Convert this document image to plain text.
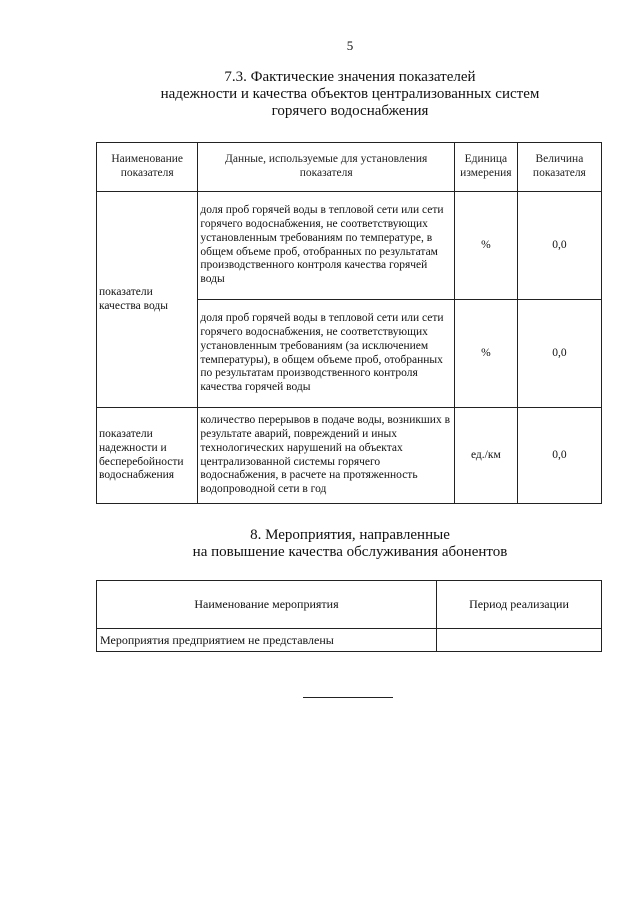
5
7.3. Фактические значения показателей
надежности и качества объектов централизованных систем
горячего водоснабжения
Наименование показателя	Данные, используемые для установления показателя	Единица измерения	Величина показателя
показатели качества воды	доля проб горячей воды в тепловой сети или сети горячего водоснабжения, не соответствующих установленным требованиям по температуре, в общем объеме проб, отобранных по результатам производственного контроля качества горячей воды	%	0,0
	доля проб горячей воды в тепловой сети или сети горячего водоснабжения, не соответствующих установленным требованиям (за исключением температуры), в общем объеме проб, отобранных по результатам производственного контроля качества горячей воды	%	0,0
показатели надежности и бесперебойности водоснабжения	количество перерывов в подаче воды, возникших в результате аварий, повреждений и иных технологических нарушений на объектах централизованной системы горячего водоснабжения, в расчете на протяженность водопроводной сети в год	ед./км	0,0
8. Мероприятия, направленные
на повышение качества обслуживания абонентов
Наименование мероприятия	Период реализации
Мероприятия предприятием не представлены	
